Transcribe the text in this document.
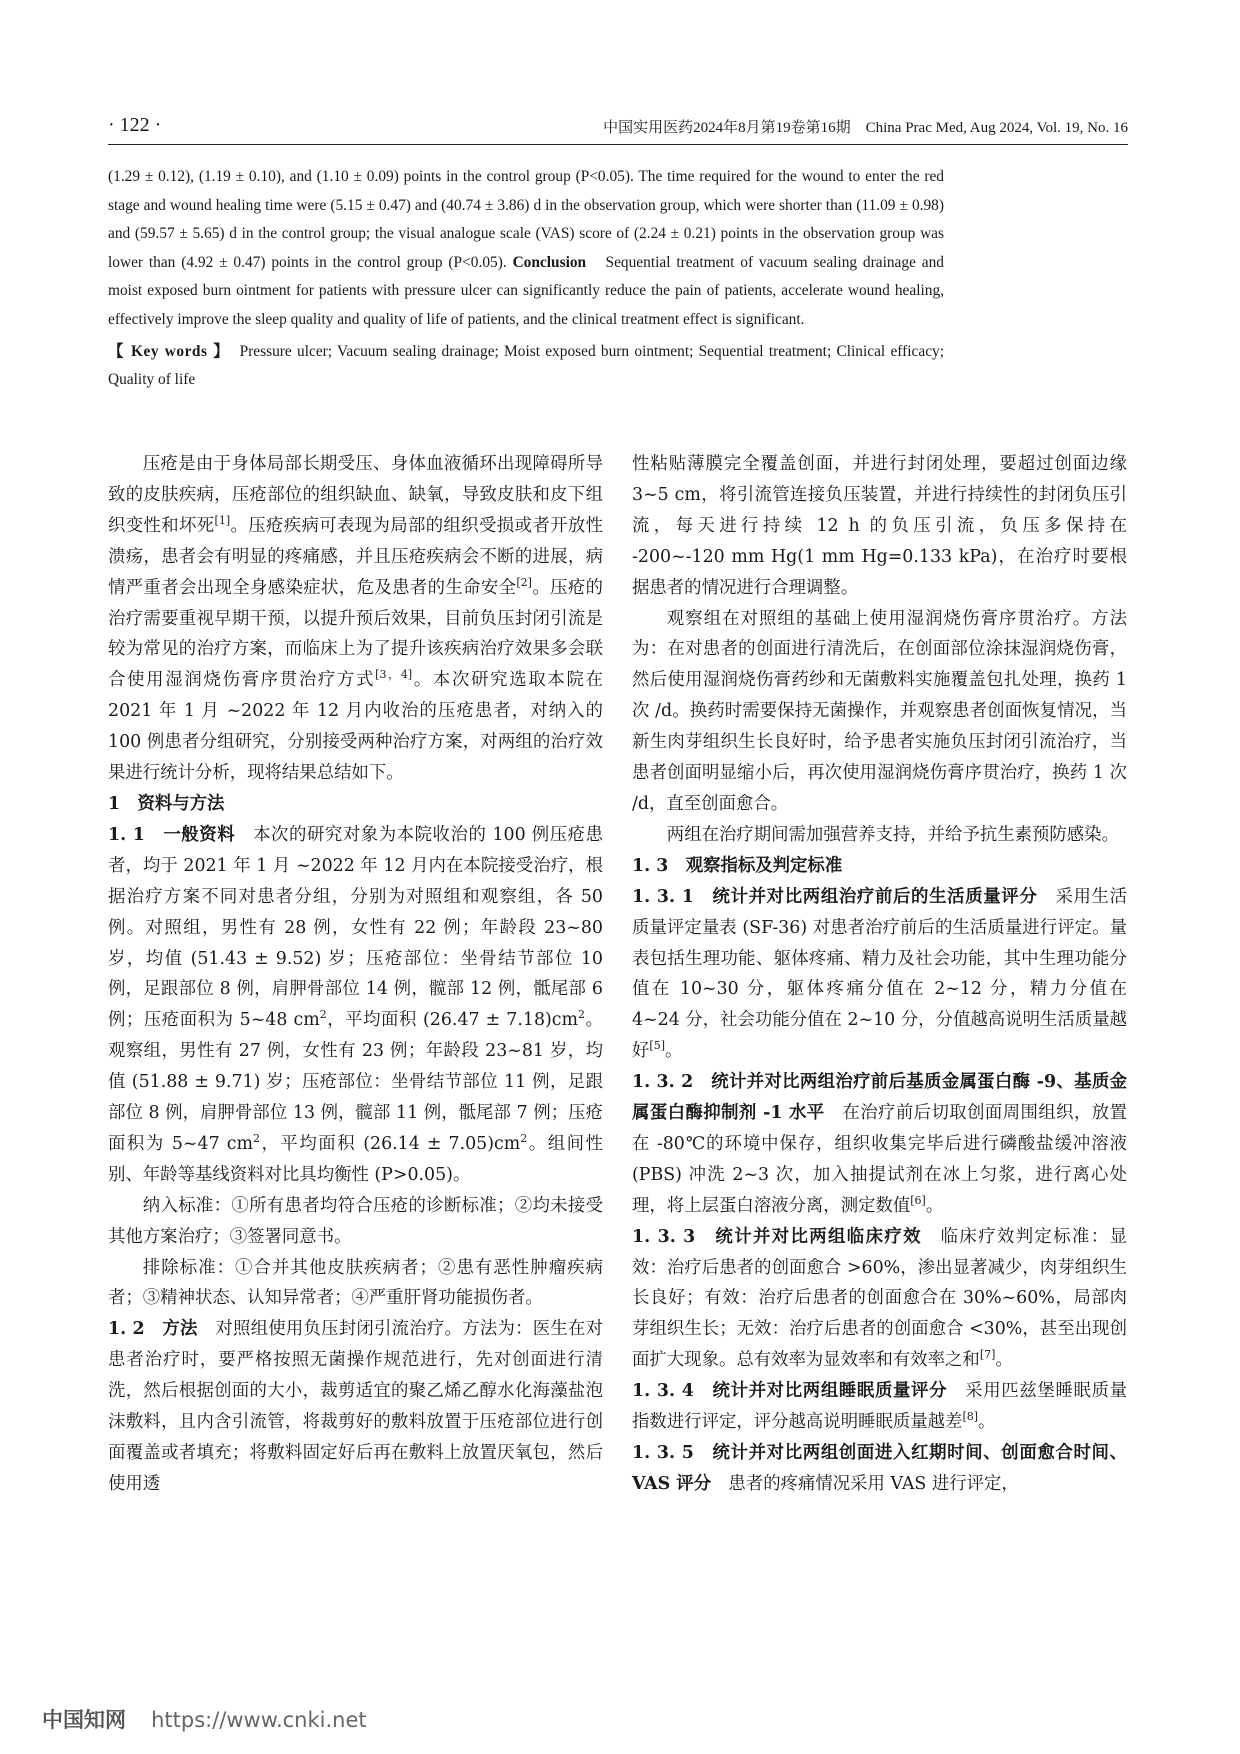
· 122 ·	中国实用医药2024年8月第19卷第16期　China Prac Med, Aug 2024, Vol. 19, No. 16

(1.29 ± 0.12), (1.19 ± 0.10), and (1.10 ± 0.09) points in the control group (P<0.05). The time required for the wound to enter the red stage and wound healing time were (5.15 ± 0.47) and (40.74 ± 3.86) d in the observation group, which were shorter than (11.09 ± 0.98) and (59.57 ± 5.65) d in the control group; the visual analogue scale (VAS) score of (2.24 ± 0.21) points in the observation group was lower than (4.92 ± 0.47) points in the control group (P<0.05). Conclusion　Sequential treatment of vacuum sealing drainage and moist exposed burn ointment for patients with pressure ulcer can significantly reduce the pain of patients, accelerate wound healing, effectively improve the sleep quality and quality of life of patients, and the clinical treatment effect is significant.

【 Key words 】　Pressure ulcer; Vacuum sealing drainage; Moist exposed burn ointment; Sequential treatment; Clinical efficacy; Quality of life

压疮是由于身体局部长期受压、身体血液循环出现障碍所导致的皮肤疾病，压疮部位的组织缺血、缺氧，导致皮肤和皮下组织变性和坏死[1]。压疮疾病可表现为局部的组织受损或者开放性溃疡，患者会有明显的疼痛感，并且压疮疾病会不断的进展，病情严重者会出现全身感染症状，危及患者的生命安全[2]。压疮的治疗需要重视早期干预，以提升预后效果，目前负压封闭引流是较为常见的治疗方案，而临床上为了提升该疾病治疗效果多会联合使用湿润烧伤膏序贯治疗方式[3，4]。本次研究选取本院在 2021 年 1 月 ~2022 年 12 月内收治的压疮患者，对纳入的 100 例患者分组研究，分别接受两种治疗方案，对两组的治疗效果进行统计分析，现将结果总结如下。

1　资料与方法

1. 1　一般资料　本次的研究对象为本院收治的 100 例压疮患者，均于 2021 年 1 月 ~2022 年 12 月内在本院接受治疗，根据治疗方案不同对患者分组，分别为对照组和观察组，各 50 例。对照组，男性有 28 例，女性有 22 例；年龄段 23~80 岁，均值 (51.43 ± 9.52) 岁；压疮部位：坐骨结节部位 10 例，足跟部位 8 例，肩胛骨部位 14 例，髋部 12 例，骶尾部 6 例；压疮面积为 5~48 $cm^2$，平均面积 $(26.47 \pm 7.18)cm^2$。观察组，男性有 27 例，女性有 23 例；年龄段 23~81 岁，均值 (51.88 ± 9.71) 岁；压疮部位：坐骨结节部位 11 例，足跟部位 8 例，肩胛骨部位 13 例，髋部 11 例，骶尾部 7 例；压疮面积为 5~47 $cm^2$，平均面积 $(26.14 \pm 7.05)cm^2$。组间性别、年龄等基线资料对比具均衡性 (P>0.05)。

纳入标准：①所有患者均符合压疮的诊断标准；②均未接受其他方案治疗；③签署同意书。

排除标准：①合并其他皮肤疾病者；②患有恶性肿瘤疾病者；③精神状态、认知异常者；④严重肝肾功能损伤者。

1. 2　方法　对照组使用负压封闭引流治疗。方法为：医生在对患者治疗时，要严格按照无菌操作规范进行，先对创面进行清洗，然后根据创面的大小，裁剪适宜的聚乙烯乙醇水化海藻盐泡沫敷料，且内含引流管，将裁剪好的敷料放置于压疮部位进行创面覆盖或者填充；将敷料固定好后再在敷料上放置厌氧包，然后使用透

性粘贴薄膜完全覆盖创面，并进行封闭处理，要超过创面边缘 3~5 cm，将引流管连接负压装置，并进行持续性的封闭负压引流，每天进行持续 12 h 的负压引流，负压多保持在 -200~-120 mm Hg(1 mm Hg=0.133 kPa)，在治疗时要根据患者的情况进行合理调整。

观察组在对照组的基础上使用湿润烧伤膏序贯治疗。方法为：在对患者的创面进行清洗后，在创面部位涂抹湿润烧伤膏，然后使用湿润烧伤膏药纱和无菌敷料实施覆盖包扎处理，换药 1 次 /d。换药时需要保持无菌操作，并观察患者创面恢复情况，当新生肉芽组织生长良好时，给予患者实施负压封闭引流治疗，当患者创面明显缩小后，再次使用湿润烧伤膏序贯治疗，换药 1 次 /d，直至创面愈合。

两组在治疗期间需加强营养支持，并给予抗生素预防感染。

1. 3　观察指标及判定标准

1. 3. 1　统计并对比两组治疗前后的生活质量评分　采用生活质量评定量表 (SF-36) 对患者治疗前后的生活质量进行评定。量表包括生理功能、躯体疼痛、精力及社会功能，其中生理功能分值在 10~30 分，躯体疼痛分值在 2~12 分，精力分值在 4~24 分，社会功能分值在 2~10 分，分值越高说明生活质量越好[5]。

1. 3. 2　统计并对比两组治疗前后基质金属蛋白酶 -9、基质金属蛋白酶抑制剂 -1 水平　在治疗前后切取创面周围组织，放置在 -80℃的环境中保存，组织收集完毕后进行磷酸盐缓冲溶液 (PBS) 冲洗 2~3 次，加入抽提试剂在冰上匀浆，进行离心处理，将上层蛋白溶液分离，测定数值[6]。

1. 3. 3　统计并对比两组临床疗效　临床疗效判定标准：显效：治疗后患者的创面愈合 >60%，渗出显著减少，肉芽组织生长良好；有效：治疗后患者的创面愈合在 30%~60%，局部肉芽组织生长；无效：治疗后患者的创面愈合 <30%，甚至出现创面扩大现象。总有效率为显效率和有效率之和[7]。

1. 3. 4　统计并对比两组睡眠质量评分　采用匹兹堡睡眠质量指数进行评定，评分越高说明睡眠质量越差[8]。

1. 3. 5　统计并对比两组创面进入红期时间、创面愈合时间、VAS 评分　患者的疼痛情况采用 VAS 进行评定，

中国知网 https://www.cnki.net
